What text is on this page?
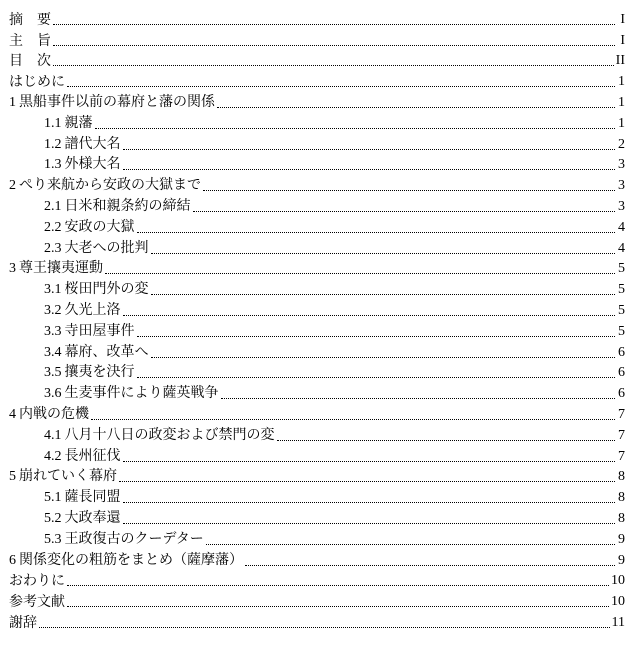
摘　要	I
主　旨	I
目　次	II
はじめに	1
1 黒船事件以前の幕府と藩の関係	1
1.1 親藩	1
1.2 譜代大名	2
1.3 外様大名	3
2 ぺり来航から安政の大獄まで	3
2.1 日米和親条約の締結	3
2.2 安政の大獄	4
2.3 大老への批判	4
3 尊王攘夷運動	5
3.1 桜田門外の変	5
3.2 久光上洛	5
3.3 寺田屋事件	5
3.4 幕府、改革へ	6
3.5 攘夷を決行	6
3.6 生麦事件により薩英戦争	6
4 内戦の危機	7
4.1 八月十八日の政変および禁門の変	7
4.2 長州征伐	7
5 崩れていく幕府	8
5.1 薩長同盟	8
5.2 大政奉還	8
5.3 王政復古のクーデター	9
6 関係変化の粗筋をまとめ（薩摩藩）	9
おわりに	10
参考文献	10
謝辞	11
